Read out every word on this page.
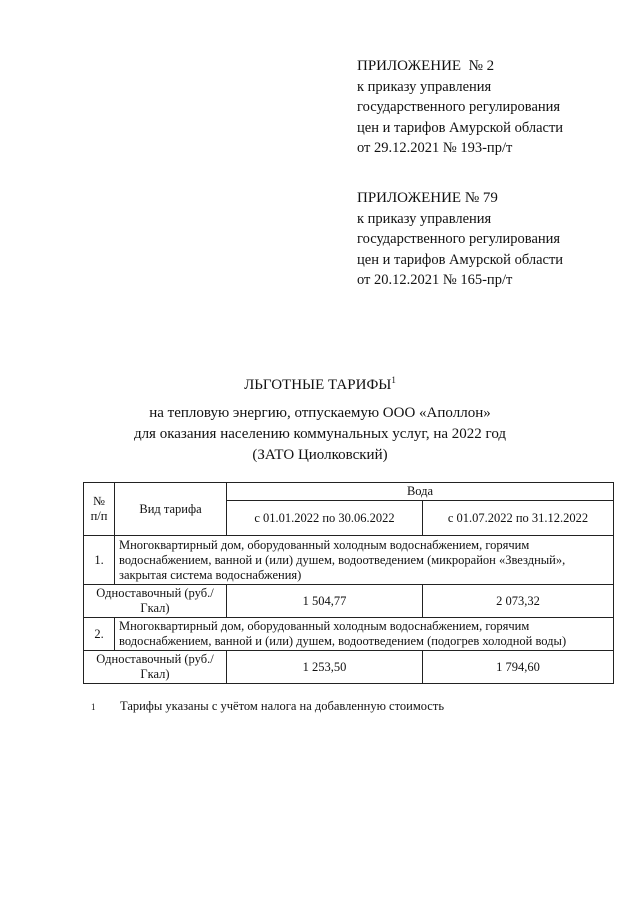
ПРИЛОЖЕНИЕ  № 2
к приказу управления
государственного регулирования
цен и тарифов Амурской области
от 29.12.2021 № 193-пр/т
ПРИЛОЖЕНИЕ № 79
к приказу управления
государственного регулирования
цен и тарифов Амурской области
от 20.12.2021 № 165-пр/т
ЛЬГОТНЫЕ ТАРИФЫ$^1$
на тепловую энергию, отпускаемую ООО «Аполлон»
для оказания населению коммунальных услуг, на 2022 год
(ЗАТО Циолковский)
№ п/п	Вид тарифа	Вода	
		с 01.01.2022 по 30.06.2022	с 01.07.2022 по 31.12.2022
1.	Многоквартирный дом, оборудованный холодным водоснабжением, горячим водоснабжением, ванной и (или) душем, водоотведением (микрорайон «Звездный», закрытая система водоснабжения)		
Одноставочный (руб./Гкал)		1 504,77	2 073,32
2.	Многоквартирный дом, оборудованный холодным водоснабжением, горячим водоснабжением, ванной и (или) душем, водоотведением (подогрев холодной воды)		
Одноставочный (руб./Гкал)		1 253,50	1 794,60
1 Тарифы указаны с учётом налога на добавленную стоимость
